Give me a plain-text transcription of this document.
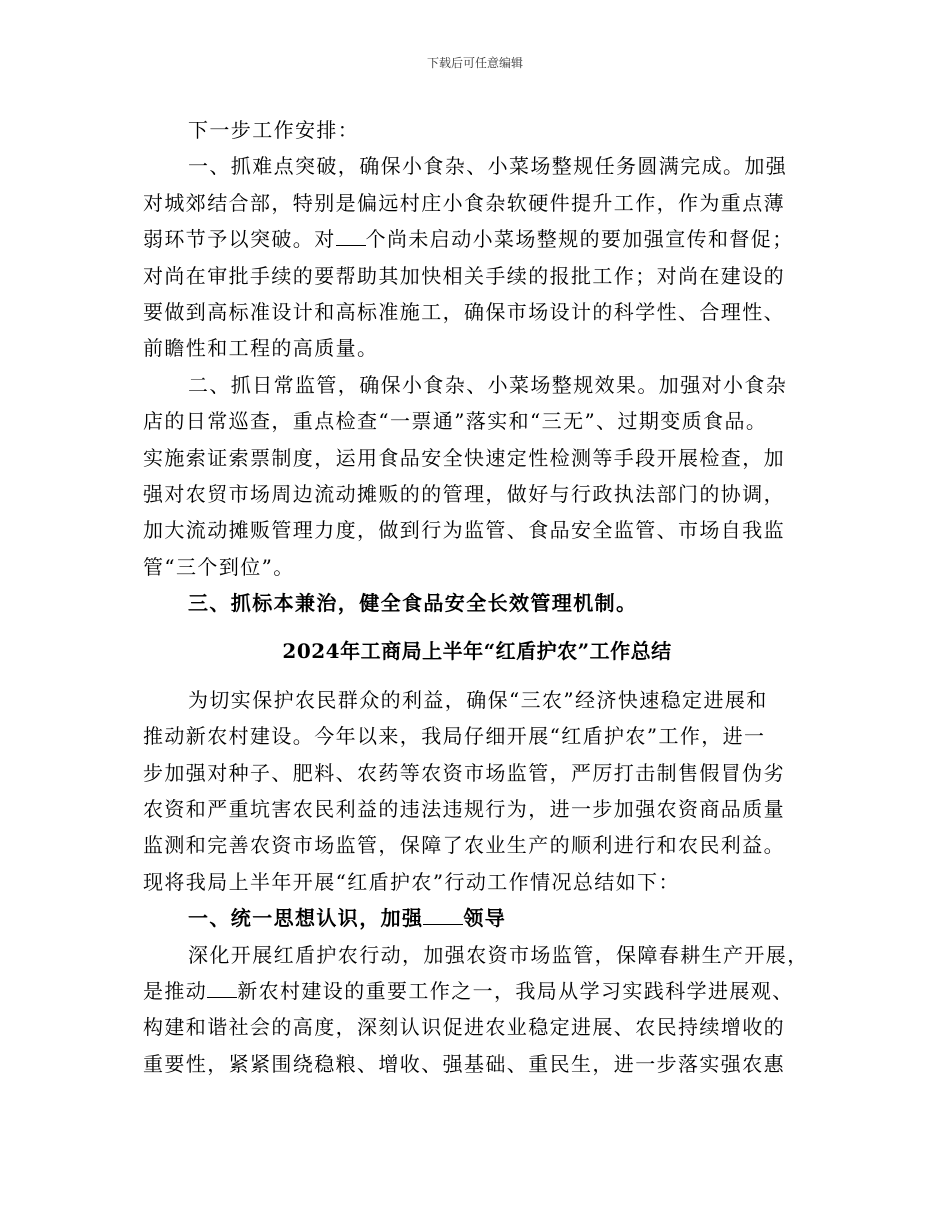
下载后可任意编辑
下一步工作安排：
一、抓难点突破，确保小食杂、小菜场整规任务圆满完成。加强
对城郊结合部，特别是偏远村庄小食杂软硬件提升工作，作为重点薄
弱环节予以突破。对 个尚未启动小菜场整规的要加强宣传和督促；
对尚在审批手续的要帮助其加快相关手续的报批工作；对尚在建设的
要做到高标准设计和高标准施工，确保市场设计的科学性、合理性、
前瞻性和工程的高质量。
二、抓日常监管，确保小食杂、小菜场整规效果。加强对小食杂
店的日常巡查，重点检查“一票通”落实和“三无”、过期变质食品。
实施索证索票制度，运用食品安全快速定性检测等手段开展检查，加
强对农贸市场周边流动摊贩的的管理，做好与行政执法部门的协调，
加大流动摊贩管理力度，做到行为监管、食品安全监管、市场自我监
管“三个到位”。
三、抓标本兼治，健全食品安全长效管理机制。
2024年工商局上半年“红盾护农”工作总结
为切实保护农民群众的利益，确保“三农”经济快速稳定进展和
推动新农村建设。今年以来，我局仔细开展“红盾护农”工作，进一
步加强对种子、肥料、农药等农资市场监管，严厉打击制售假冒伪劣
农资和严重坑害农民利益的违法违规行为，进一步加强农资商品质量
监测和完善农资市场监管，保障了农业生产的顺利进行和农民利益。
现将我局上半年开展“红盾护农”行动工作情况总结如下：
一、统一思想认识，加强 领导
深化开展红盾护农行动，加强农资市场监管，保障春耕生产开展，
是推动 新农村建设的重要工作之一，我局从学习实践科学进展观、
构建和谐社会的高度，深刻认识促进农业稳定进展、农民持续增收的
重要性，紧紧围绕稳粮、增收、强基础、重民生，进一步落实强农惠
